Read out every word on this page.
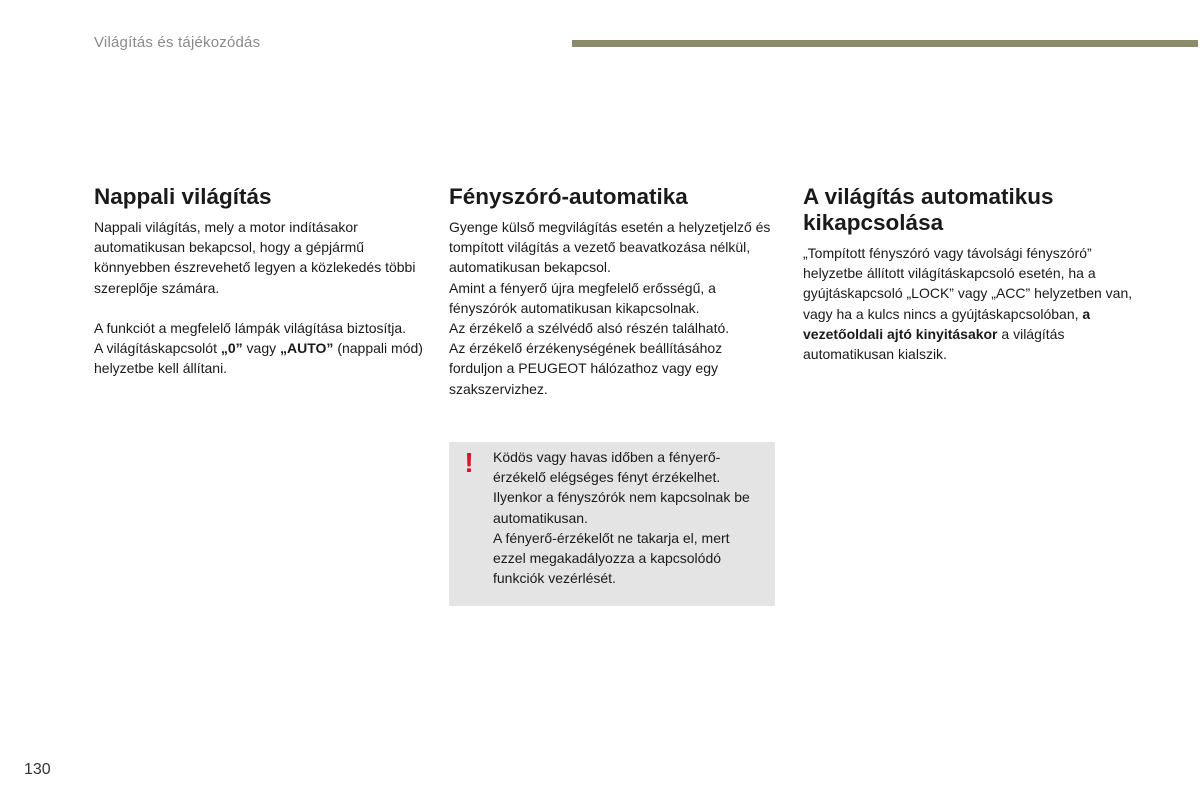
Világítás és tájékozódás
Nappali világítás

Nappali világítás, mely a motor indításakor automatikusan bekapcsol, hogy a gépjármű könnyebben észrevehető legyen a közlekedés többi szereplője számára.

A funkciót a megfelelő lámpák világítása biztosítja.

A világításkapcsolót „0” vagy „AUTO” (nappali mód) helyzetbe kell állítani.

Fényszóró-automatika

Gyenge külső megvilágítás esetén a helyzetjelző és tompított világítás a vezető beavatkozása nélkül, automatikusan bekapcsol.

Amint a fényerő újra megfelelő erősségű, a fényszórók automatikusan kikapcsolnak.

Az érzékelő a szélvédő alsó részén található.

Az érzékelő érzékenységének beállításához forduljon a PEUGEOT hálózathoz vagy egy szakszervizhez.

!	Ködös vagy havas időben a fényerő-érzékelő elégséges fényt érzékelhet. Ilyenkor a fényszórók nem kapcsolnak be automatikusan.

A fényerő-érzékelőt ne takarja el, mert ezzel megakadályozza a kapcsolódó funkciók vezérlését.

A világítás automatikus kikapcsolása

„Tompított fényszóró vagy távolsági fényszóró” helyzetbe állított világításkapcsoló esetén, ha a gyújtáskapcsoló „LOCK” vagy „ACC” helyzetben van, vagy ha a kulcs nincs a gyújtáskapcsolóban, a vezetőoldali ajtó kinyitásakor a világítás automatikusan kialszik.

130
